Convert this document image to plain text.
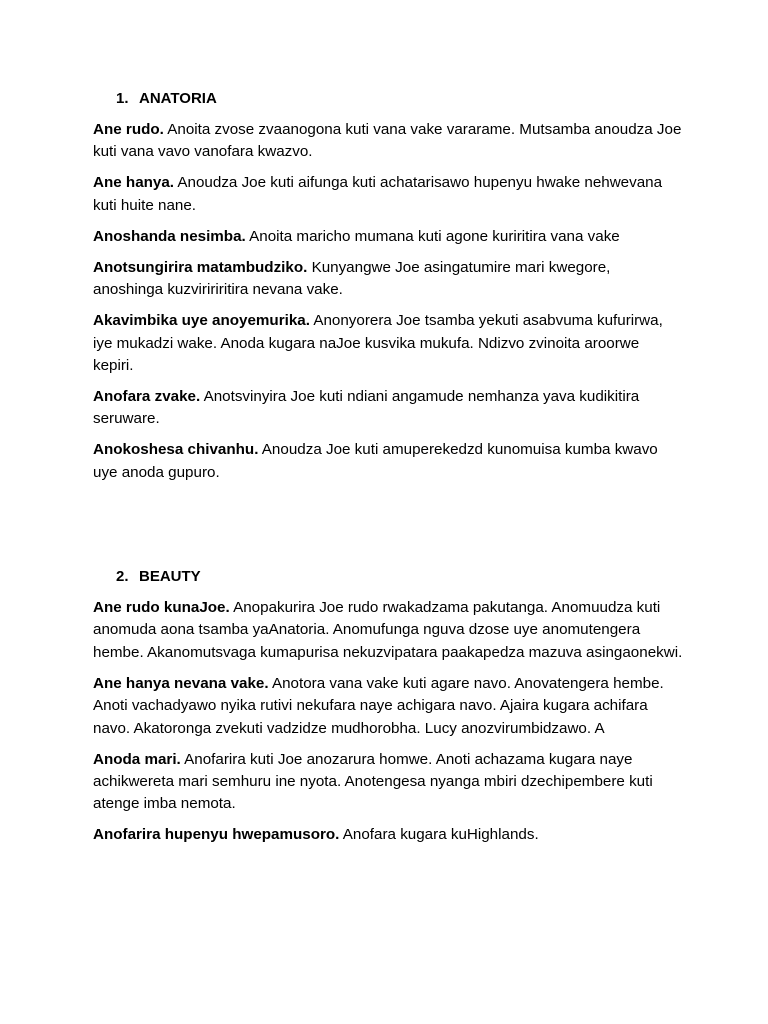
1. ANATORIA

Ane rudo. Anoita zvose zvaanogona kuti vana vake vararame. Mutsamba anoudza Joe kuti vana vavo vanofara kwazvo.

Ane hanya. Anoudza Joe kuti aifunga kuti achatarisawo hupenyu hwake nehwevana kuti huite nane.

Anoshanda nesimba. Anoita maricho mumana kuti agone kuriritira vana vake

Anotsungirira matambudziko. Kunyangwe Joe asingatumire mari kwegore, anoshinga kuzviririritira nevana vake.

Akavimbika uye anoyemurika. Anonyorera Joe tsamba yekuti asabvuma kufurirwa, iye mukadzi wake. Anoda kugara naJoe kusvika mukufa. Ndizvo zvinoita aroorwe kepiri.

Anofara zvake. Anotsvinyira Joe kuti ndiani angamude nemhanza yava kudikitira seruware.

Anokoshesa chivanhu. Anoudza Joe kuti amuperekedzd kunomuisa kumba kwavo uye anoda gupuro.

2. BEAUTY

Ane rudo kunaJoe. Anopakurira Joe rudo rwakadzama pakutanga. Anomuudza kuti anomuda aona tsamba yaAnatoria. Anomufunga nguva dzose uye anomutengera hembe. Akanomutsvaga kumapurisa nekuzvipatara paakapedza mazuva asingaonekwi.

Ane hanya nevana vake. Anotora vana vake kuti agare navo. Anovatengera hembe. Anoti vachadyawo nyika rutivi nekufara naye achigara navo. Ajaira kugara achifara navo. Akatoronga zvekuti vadzidze mudhorobha. Lucy anozvirumbidzawo. A

Anoda mari. Anofarira kuti Joe anozarura homwe. Anoti achazama kugara naye achikwereta mari semhuru ine nyota. Anotengesa nyanga mbiri dzechipembere kuti atenge imba nemota.

Anofarira hupenyu hwepamusoro. Anofara kugara kuHighlands.
